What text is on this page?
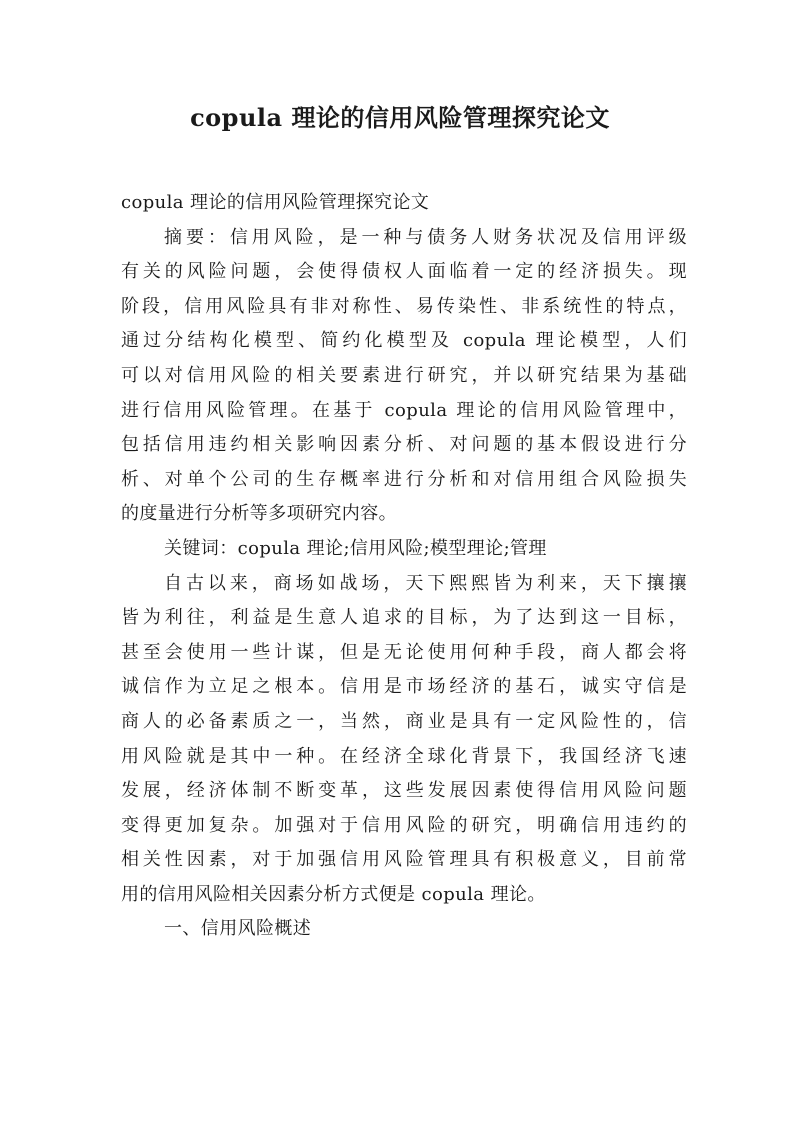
copula 理论的信用风险管理探究论文
copula 理论的信用风险管理探究论文
摘要：信用风险，是一种与债务人财务状况及信用评级
有关的风险问题，会使得债权人面临着一定的经济损失。现
阶段，信用风险具有非对称性、易传染性、非系统性的特点，
通过分结构化模型、简约化模型及 copula 理论模型，人们
可以对信用风险的相关要素进行研究，并以研究结果为基础
进行信用风险管理。在基于 copula 理论的信用风险管理中，
包括信用违约相关影响因素分析、对问题的基本假设进行分
析、对单个公司的生存概率进行分析和对信用组合风险损失
的度量进行分析等多项研究内容。
关键词：copula 理论;信用风险;模型理论;管理
自古以来，商场如战场，天下熙熙皆为利来，天下攘攘
皆为利往，利益是生意人追求的目标，为了达到这一目标，
甚至会使用一些计谋，但是无论使用何种手段，商人都会将
诚信作为立足之根本。信用是市场经济的基石，诚实守信是
商人的必备素质之一，当然，商业是具有一定风险性的，信
用风险就是其中一种。在经济全球化背景下，我国经济飞速
发展，经济体制不断变革，这些发展因素使得信用风险问题
变得更加复杂。加强对于信用风险的研究，明确信用违约的
相关性因素，对于加强信用风险管理具有积极意义，目前常
用的信用风险相关因素分析方式便是 copula 理论。
一、信用风险概述
